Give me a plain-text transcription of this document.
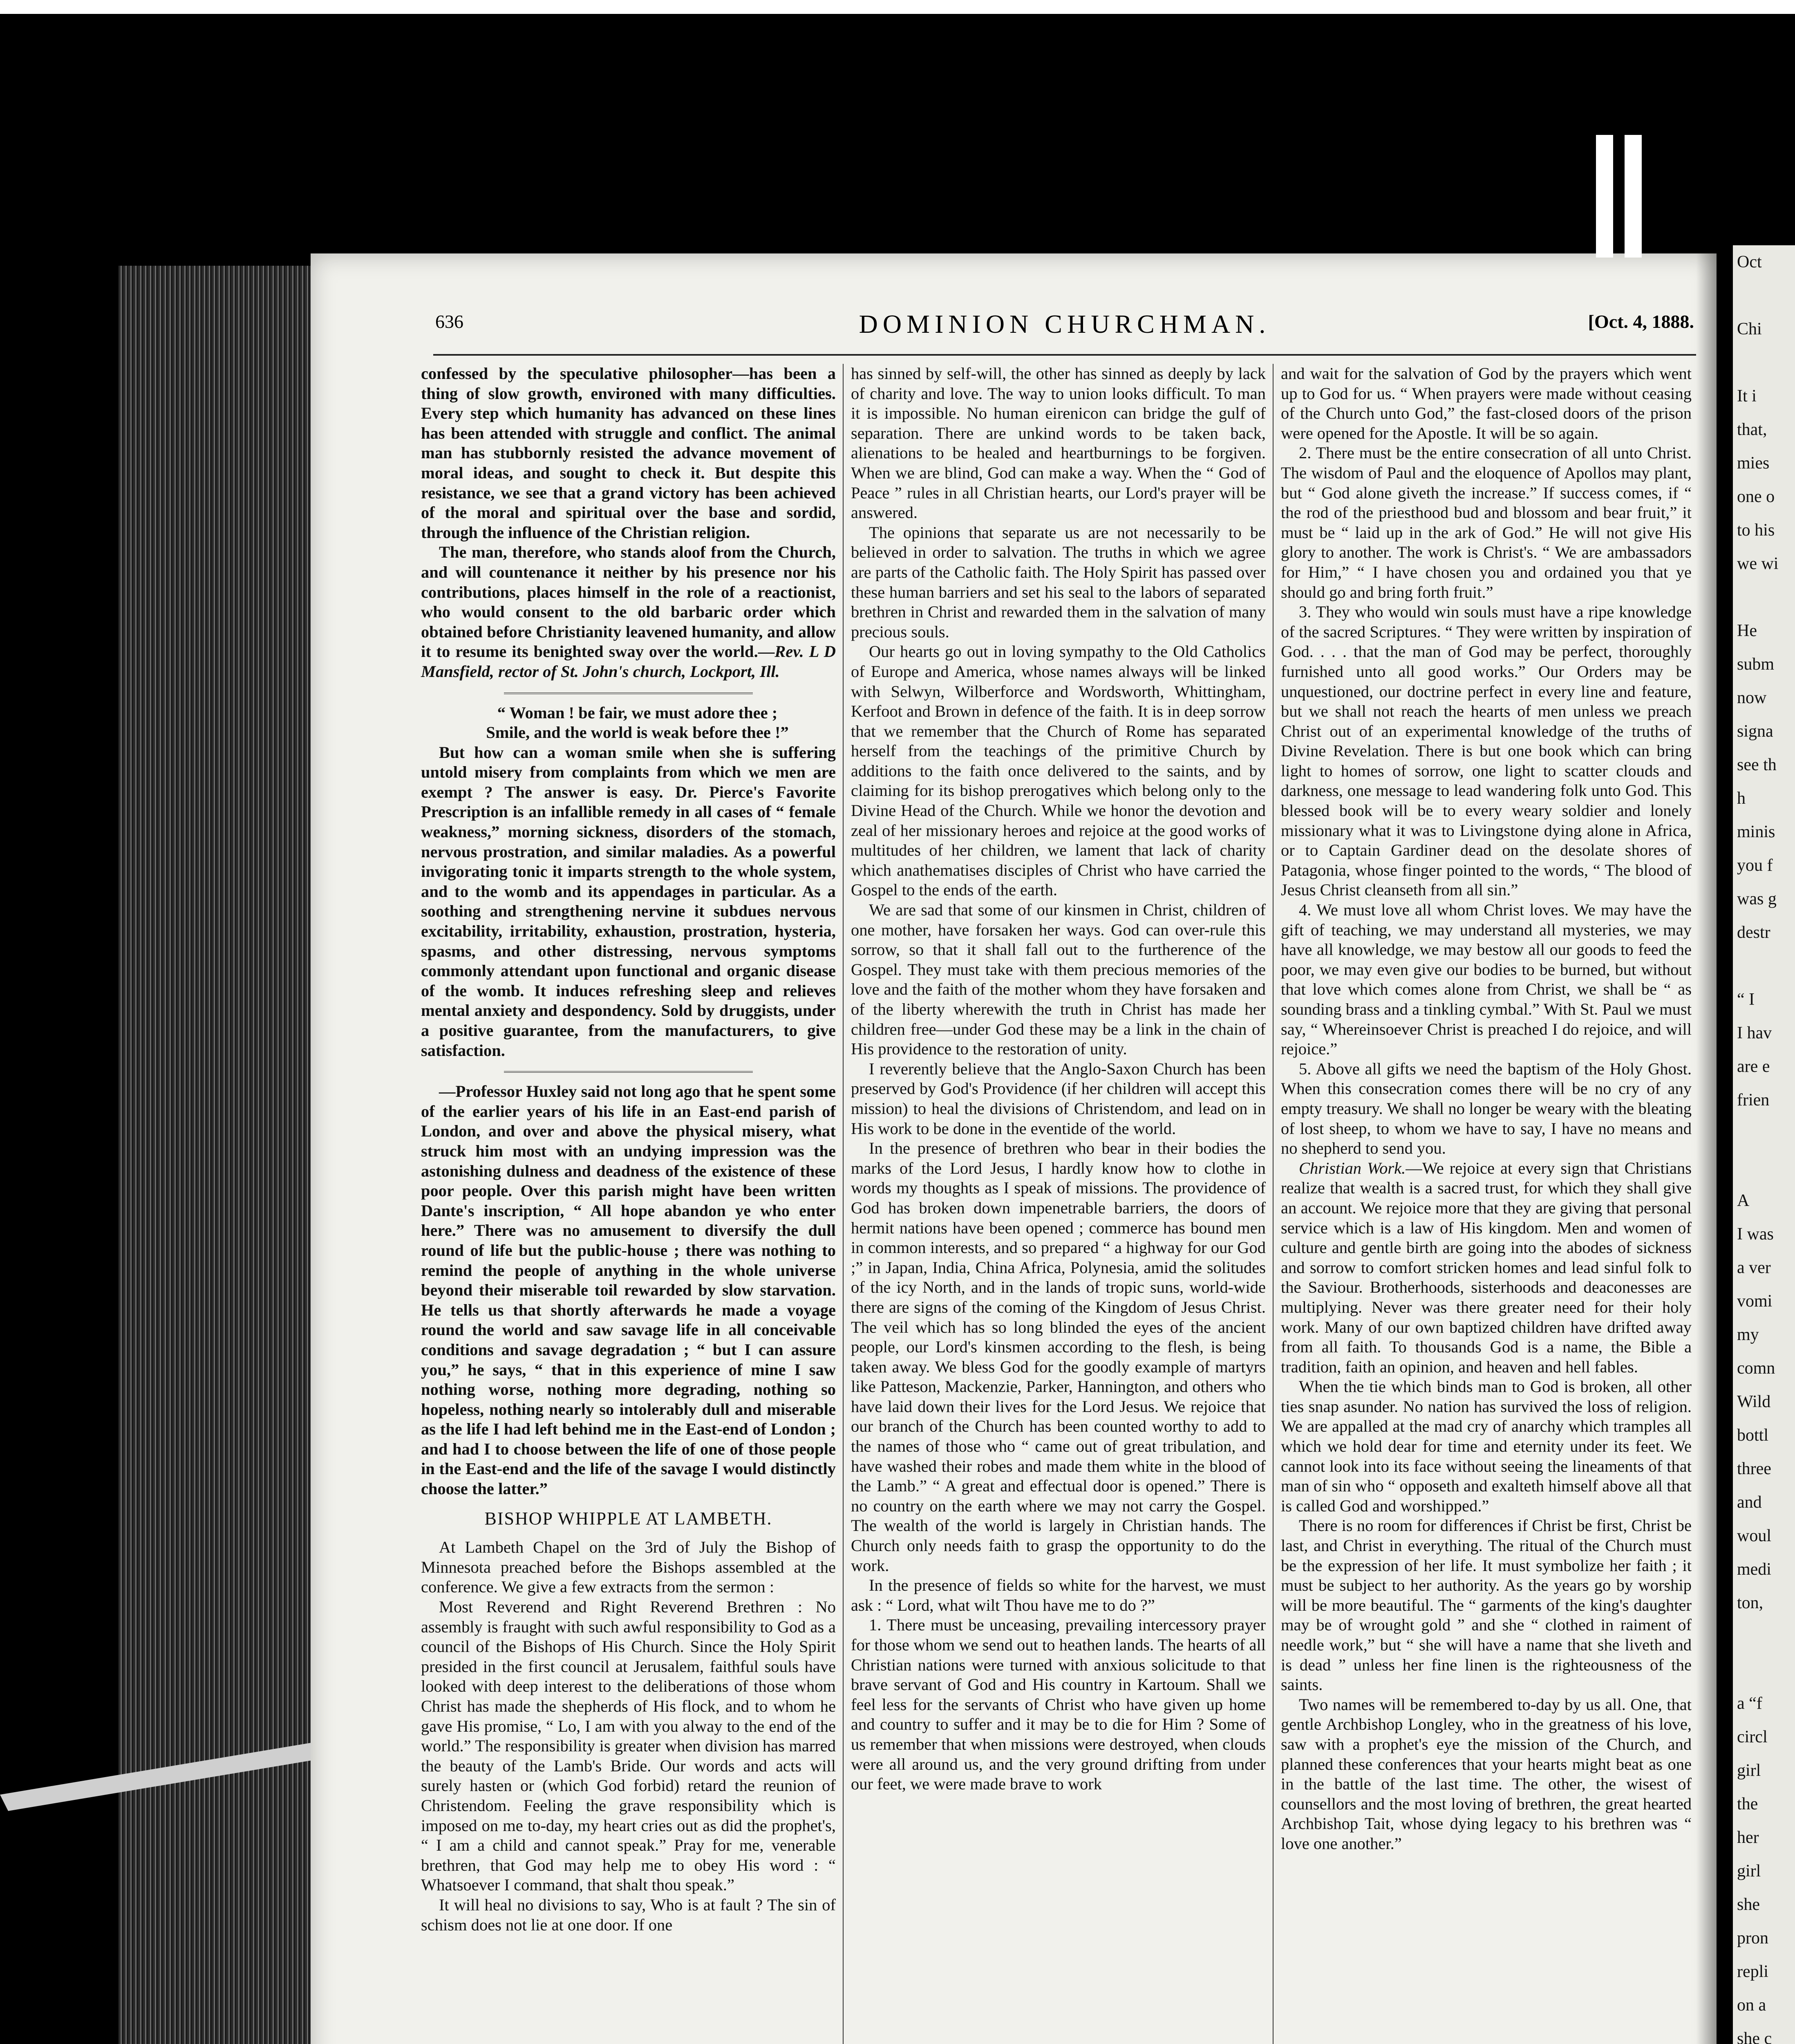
Oct

Chi

It i
that,
mies
one o
to his
we wi

He
subm
now
signa
see th
h
minis
you f
was g
destr

“ I
I hav
are e
frien

A
I was
a ver
vomi
my
comn
Wild
bottl
three
and
woul
medi
ton,

a “f
circl
girl
the
her
girl
she
pron
repli
on a
she c

636	DOMINION CHURCHMAN.	[Oct. 4, 1888.

confessed by the speculative philosopher—has been a thing of slow growth, environed with many difficulties. Every step which humanity has advanced on these lines has been attended with struggle and conflict. The animal man has stubbornly resisted the advance movement of moral ideas, and sought to check it. But despite this resistance, we see that a grand victory has been achieved of the moral and spiritual over the base and sordid, through the influence of the Christian religion.

The man, therefore, who stands aloof from the Church, and will countenance it neither by his presence nor his contributions, places himself in the role of a reactionist, who would consent to the old barbaric order which obtained before Christianity leavened humanity, and allow it to resume its benighted sway over the world.—Rev. L D Mansfield, rector of St. John's church, Lockport, Ill.

“ Woman ! be fair, we must adore thee ;

Smile, and the world is weak before thee !”

But how can a woman smile when she is suffering untold misery from complaints from which we men are exempt ? The answer is easy. Dr. Pierce's Favorite Prescription is an infallible remedy in all cases of “ female weakness,” morning sickness, disorders of the stomach, nervous prostration, and similar maladies. As a powerful invigorating tonic it imparts strength to the whole system, and to the womb and its appendages in particular. As a soothing and strengthening nervine it subdues nervous excitability, irritability, exhaustion, prostration, hysteria, spasms, and other distressing, nervous symptoms commonly attendant upon functional and organic disease of the womb. It induces refreshing sleep and relieves mental anxiety and despondency. Sold by druggists, under a positive guarantee, from the manufacturers, to give satisfaction.

—Professor Huxley said not long ago that he spent some of the earlier years of his life in an East-end parish of London, and over and above the physical misery, what struck him most with an undying impression was the astonishing dulness and deadness of the existence of these poor people. Over this parish might have been written Dante's inscription, “ All hope abandon ye who enter here.” There was no amusement to diversify the dull round of life but the public-house ; there was nothing to remind the people of anything in the whole universe beyond their miserable toil rewarded by slow starvation. He tells us that shortly afterwards he made a voyage round the world and saw savage life in all conceivable conditions and savage degradation ; “ but I can assure you,” he says, “ that in this experience of mine I saw nothing worse, nothing more degrading, nothing so hopeless, nothing nearly so intolerably dull and miserable as the life I had left behind me in the East-end of London ; and had I to choose between the life of one of those people in the East-end and the life of the savage I would distinctly choose the latter.”

BISHOP WHIPPLE AT LAMBETH.

At Lambeth Chapel on the 3rd of July the Bishop of Minnesota preached before the Bishops assembled at the conference. We give a few extracts from the sermon :

Most Reverend and Right Reverend Brethren : No assembly is fraught with such awful responsibility to God as a council of the Bishops of His Church. Since the Holy Spirit presided in the first council at Jerusalem, faithful souls have looked with deep interest to the deliberations of those whom Christ has made the shepherds of His flock, and to whom he gave His promise, “ Lo, I am with you alway to the end of the world.” The responsibility is greater when division has marred the beauty of the Lamb's Bride. Our words and acts will surely hasten or (which God forbid) retard the reunion of Christendom. Feeling the grave responsibility which is imposed on me to-day, my heart cries out as did the prophet's, “ I am a child and cannot speak.” Pray for me, venerable brethren, that God may help me to obey His word : “ Whatsoever I command, that shalt thou speak.”

It will heal no divisions to say, Who is at fault ? The sin of schism does not lie at one door. If one

has sinned by self-will, the other has sinned as deeply by lack of charity and love. The way to union looks difficult. To man it is impossible. No human eirenicon can bridge the gulf of separation. There are unkind words to be taken back, alienations to be healed and heartburnings to be forgiven. When we are blind, God can make a way. When the “ God of Peace ” rules in all Christian hearts, our Lord's prayer will be answered.

The opinions that separate us are not necessarily to be believed in order to salvation. The truths in which we agree are parts of the Catholic faith. The Holy Spirit has passed over these human barriers and set his seal to the labors of separated brethren in Christ and rewarded them in the salvation of many precious souls.

Our hearts go out in loving sympathy to the Old Catholics of Europe and America, whose names always will be linked with Selwyn, Wilberforce and Wordsworth, Whittingham, Kerfoot and Brown in defence of the faith. It is in deep sorrow that we remember that the Church of Rome has separated herself from the teachings of the primitive Church by additions to the faith once delivered to the saints, and by claiming for its bishop prerogatives which belong only to the Divine Head of the Church. While we honor the devotion and zeal of her missionary heroes and rejoice at the good works of multitudes of her children, we lament that lack of charity which anathematises disciples of Christ who have carried the Gospel to the ends of the earth.

We are sad that some of our kinsmen in Christ, children of one mother, have forsaken her ways. God can over-rule this sorrow, so that it shall fall out to the furtherence of the Gospel. They must take with them precious memories of the love and the faith of the mother whom they have forsaken and of the liberty wherewith the truth in Christ has made her children free—under God these may be a link in the chain of His providence to the restoration of unity.

I reverently believe that the Anglo-Saxon Church has been preserved by God's Providence (if her children will accept this mission) to heal the divisions of Christendom, and lead on in His work to be done in the eventide of the world.

In the presence of brethren who bear in their bodies the marks of the Lord Jesus, I hardly know how to clothe in words my thoughts as I speak of missions. The providence of God has broken down impenetrable barriers, the doors of hermit nations have been opened ; commerce has bound men in common interests, and so prepared “ a highway for our God ;” in Japan, India, China Africa, Polynesia, amid the solitudes of the icy North, and in the lands of tropic suns, world-wide there are signs of the coming of the Kingdom of Jesus Christ. The veil which has so long blinded the eyes of the ancient people, our Lord's kinsmen according to the flesh, is being taken away. We bless God for the goodly example of martyrs like Patteson, Mackenzie, Parker, Hannington, and others who have laid down their lives for the Lord Jesus. We rejoice that our branch of the Church has been counted worthy to add to the names of those who “ came out of great tribulation, and have washed their robes and made them white in the blood of the Lamb.” “ A great and effectual door is opened.” There is no country on the earth where we may not carry the Gospel. The wealth of the world is largely in Christian hands. The Church only needs faith to grasp the opportunity to do the work.

In the presence of fields so white for the harvest, we must ask : “ Lord, what wilt Thou have me to do ?”

1. There must be unceasing, prevailing intercessory prayer for those whom we send out to heathen lands. The hearts of all Christian nations were turned with anxious solicitude to that brave servant of God and His country in Kartoum. Shall we feel less for the servants of Christ who have given up home and country to suffer and it may be to die for Him ? Some of us remember that when missions were destroyed, when clouds were all around us, and the very ground drifting from under our feet, we were made brave to work

and wait for the salvation of God by the prayers which went up to God for us. “ When prayers were made without ceasing of the Church unto God,” the fast-closed doors of the prison were opened for the Apostle. It will be so again.

2. There must be the entire consecration of all unto Christ. The wisdom of Paul and the eloquence of Apollos may plant, but “ God alone giveth the increase.” If success comes, if “ the rod of the priesthood bud and blossom and bear fruit,” it must be “ laid up in the ark of God.” He will not give His glory to another. The work is Christ's. “ We are ambassadors for Him,” “ I have chosen you and ordained you that ye should go and bring forth fruit.”

3. They who would win souls must have a ripe knowledge of the sacred Scriptures. “ They were written by inspiration of God. . . . that the man of God may be perfect, thoroughly furnished unto all good works.” Our Orders may be unquestioned, our doctrine perfect in every line and feature, but we shall not reach the hearts of men unless we preach Christ out of an experimental knowledge of the truths of Divine Revelation. There is but one book which can bring light to homes of sorrow, one light to scatter clouds and darkness, one message to lead wandering folk unto God. This blessed book will be to every weary soldier and lonely missionary what it was to Livingstone dying alone in Africa, or to Captain Gardiner dead on the desolate shores of Patagonia, whose finger pointed to the words, “ The blood of Jesus Christ cleanseth from all sin.”

4. We must love all whom Christ loves. We may have the gift of teaching, we may understand all mysteries, we may have all knowledge, we may bestow all our goods to feed the poor, we may even give our bodies to be burned, but without that love which comes alone from Christ, we shall be “ as sounding brass and a tinkling cymbal.” With St. Paul we must say, “ Whereinsoever Christ is preached I do rejoice, and will rejoice.”

5. Above all gifts we need the baptism of the Holy Ghost. When this consecration comes there will be no cry of any empty treasury. We shall no longer be weary with the bleating of lost sheep, to whom we have to say, I have no means and no shepherd to send you.

Christian Work.—We rejoice at every sign that Christians realize that wealth is a sacred trust, for which they shall give an account. We rejoice more that they are giving that personal service which is a law of His kingdom. Men and women of culture and gentle birth are going into the abodes of sickness and sorrow to comfort stricken homes and lead sinful folk to the Saviour. Brotherhoods, sisterhoods and deaconesses are multiplying. Never was there greater need for their holy work. Many of our own baptized children have drifted away from all faith. To thousands God is a name, the Bible a tradition, faith an opinion, and heaven and hell fables.

When the tie which binds man to God is broken, all other ties snap asunder. No nation has survived the loss of religion. We are appalled at the mad cry of anarchy which tramples all which we hold dear for time and eternity under its feet. We cannot look into its face without seeing the lineaments of that man of sin who “ opposeth and exalteth himself above all that is called God and worshipped.”

There is no room for differences if Christ be first, Christ be last, and Christ in everything. The ritual of the Church must be the expression of her life. It must symbolize her faith ; it must be subject to her authority. As the years go by worship will be more beautiful. The “ garments of the king's daughter may be of wrought gold ” and she “ clothed in raiment of needle work,” but “ she will have a name that she liveth and is dead ” unless her fine linen is the righteousness of the saints.

Two names will be remembered to-day by us all. One, that gentle Archbishop Longley, who in the greatness of his love, saw with a prophet's eye the mission of the Church, and planned these conferences that your hearts might beat as one in the battle of the last time. The other, the wisest of counsellors and the most loving of brethren, the great hearted Archbishop Tait, whose dying legacy to his brethren was “ love one another.”
